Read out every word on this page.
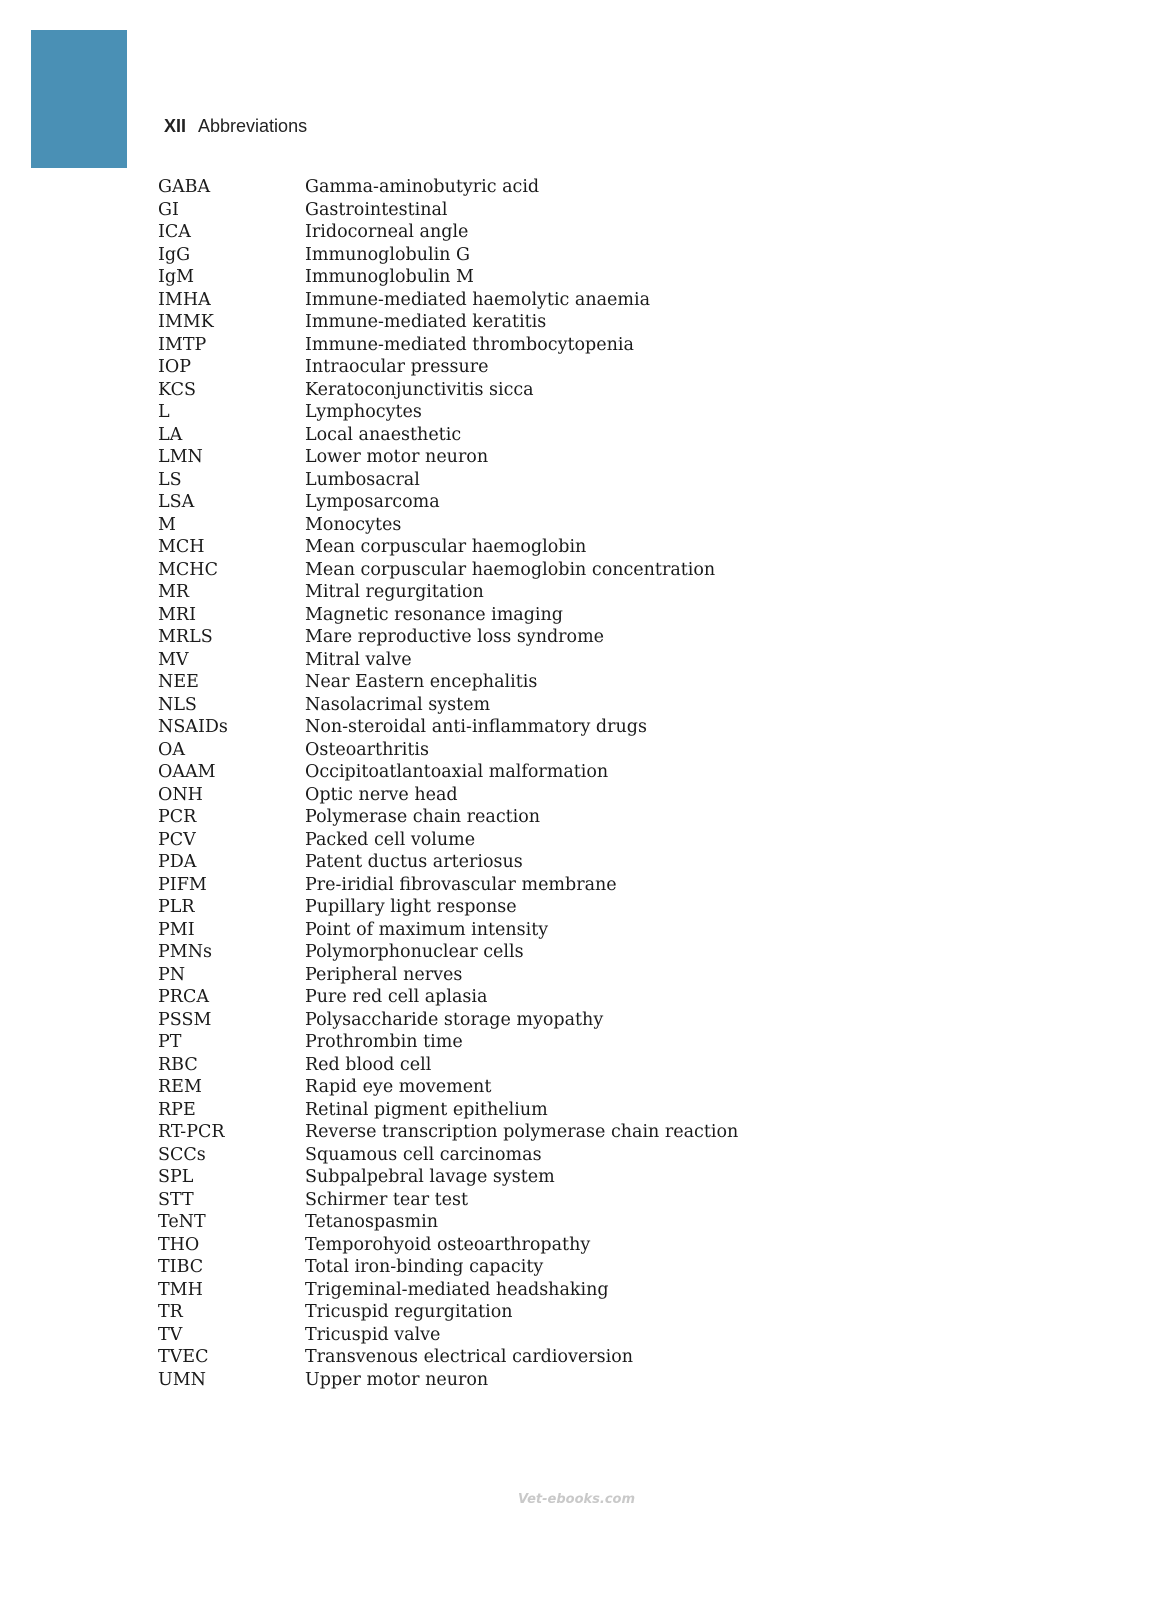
XII Abbreviations
GABA	Gamma-aminobutyric acid
GI	Gastrointestinal
ICA	Iridocorneal angle
IgG	Immunoglobulin G
IgM	Immunoglobulin M
IMHA	Immune-mediated haemolytic anaemia
IMMK	Immune-mediated keratitis
IMTP	Immune-mediated thrombocytopenia
IOP	Intraocular pressure
KCS	Keratoconjunctivitis sicca
L	Lymphocytes
LA	Local anaesthetic
LMN	Lower motor neuron
LS	Lumbosacral
LSA	Lymposarcoma
M	Monocytes
MCH	Mean corpuscular haemoglobin
MCHC	Mean corpuscular haemoglobin concentration
MR	Mitral regurgitation
MRI	Magnetic resonance imaging
MRLS	Mare reproductive loss syndrome
MV	Mitral valve
NEE	Near Eastern encephalitis
NLS	Nasolacrimal system
NSAIDs	Non-steroidal anti-inflammatory drugs
OA	Osteoarthritis
OAAM	Occipitoatlantoaxial malformation
ONH	Optic nerve head
PCR	Polymerase chain reaction
PCV	Packed cell volume
PDA	Patent ductus arteriosus
PIFM	Pre-iridial fibrovascular membrane
PLR	Pupillary light response
PMI	Point of maximum intensity
PMNs	Polymorphonuclear cells
PN	Peripheral nerves
PRCA	Pure red cell aplasia
PSSM	Polysaccharide storage myopathy
PT	Prothrombin time
RBC	Red blood cell
REM	Rapid eye movement
RPE	Retinal pigment epithelium
RT-PCR	Reverse transcription polymerase chain reaction
SCCs	Squamous cell carcinomas
SPL	Subpalpebral lavage system
STT	Schirmer tear test
TeNT	Tetanospasmin
THO	Temporohyoid osteoarthropathy
TIBC	Total iron-binding capacity
TMH	Trigeminal-mediated headshaking
TR	Tricuspid regurgitation
TV	Tricuspid valve
TVEC	Transvenous electrical cardioversion
UMN	Upper motor neuron
Vet-ebooks.com
